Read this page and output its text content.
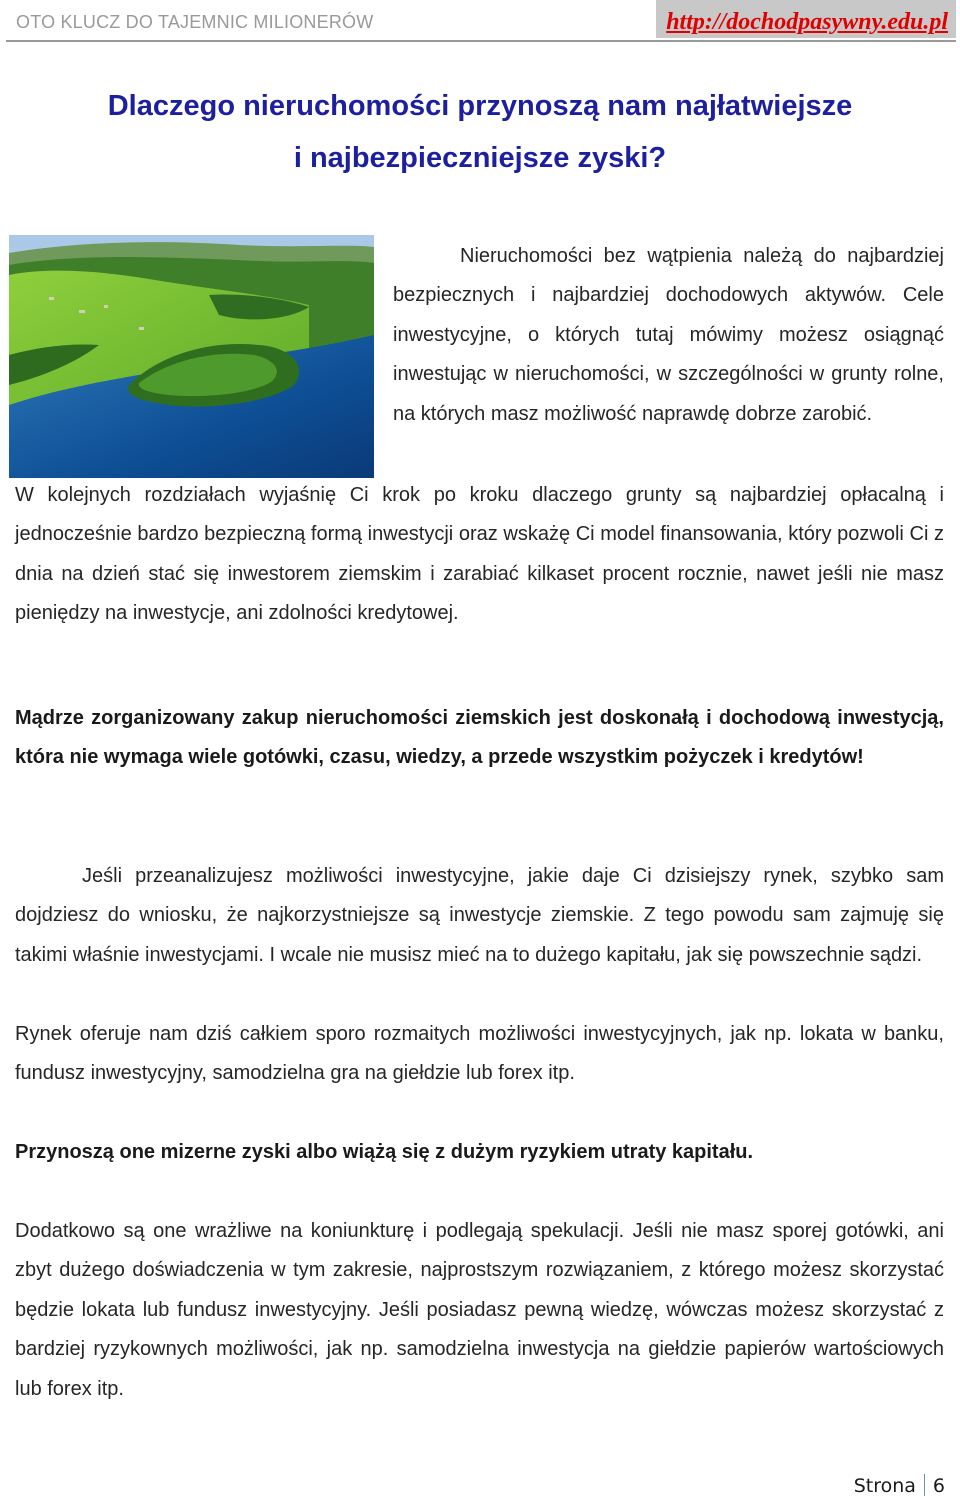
OTO KLUCZ DO TAJEMNIC MILIONERÓW	http://dochodpasywny.edu.pl
Dlaczego nieruchomości przynoszą nam najłatwiejsze
i najbezpieczniejsze zyski?
Nieruchomości bez wątpienia należą do najbardziej bezpiecznych i najbardziej dochodowych aktywów. Cele inwestycyjne, o których tutaj mówimy możesz osiągnąć inwestując w nieruchomości, w szczególności w grunty rolne, na których masz możliwość naprawdę dobrze zarobić.

W kolejnych rozdziałach wyjaśnię Ci krok po kroku dlaczego grunty są najbardziej opłacalną i jednocześnie bardzo bezpieczną formą inwestycji oraz wskażę Ci model finansowania, który pozwoli Ci z dnia na dzień stać się inwestorem ziemskim i zarabiać kilkaset procent rocznie, nawet jeśli nie masz pieniędzy na inwestycje, ani zdolności kredytowej.

Mądrze zorganizowany zakup nieruchomości ziemskich jest doskonałą i dochodową inwestycją, która nie wymaga wiele gotówki, czasu, wiedzy, a przede wszystkim pożyczek i kredytów!

Jeśli przeanalizujesz możliwości inwestycyjne, jakie daje Ci dzisiejszy rynek, szybko sam dojdziesz do wniosku, że najkorzystniejsze są inwestycje ziemskie. Z tego powodu sam zajmuję się takimi właśnie inwestycjami. I wcale nie musisz mieć na to dużego kapitału, jak się powszechnie sądzi.

Rynek oferuje nam dziś całkiem sporo rozmaitych możliwości inwestycyjnych, jak np. lokata w banku, fundusz inwestycyjny, samodzielna gra na giełdzie lub forex itp.

Przynoszą one mizerne zyski albo wiążą się z dużym ryzykiem utraty kapitału.

Dodatkowo są one wrażliwe na koniunkturę i podlegają spekulacji. Jeśli nie masz sporej gotówki, ani zbyt dużego doświadczenia w tym zakresie, najprostszym rozwiązaniem, z którego możesz skorzystać będzie lokata lub fundusz inwestycyjny. Jeśli posiadasz pewną wiedzę, wówczas możesz skorzystać z bardziej ryzykownych możliwości, jak np. samodzielna inwestycja na giełdzie papierów wartościowych lub forex itp.

Strona 6
